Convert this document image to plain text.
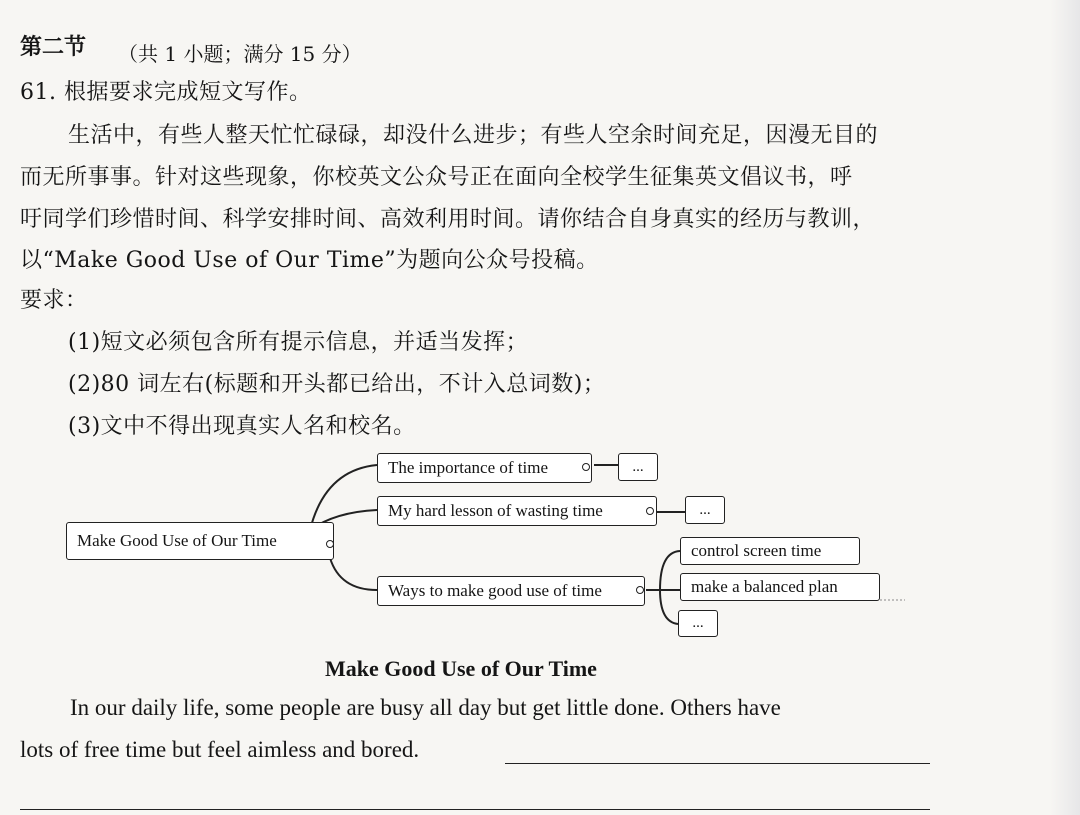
第二节 （共 1 小题；满分 15 分）
61. 根据要求完成短文写作。
生活中，有些人整天忙忙碌碌，却没什么进步；有些人空余时间充足，因漫无目的
而无所事事。针对这些现象，你校英文公众号正在面向全校学生征集英文倡议书，呼
吁同学们珍惜时间、科学安排时间、高效利用时间。请你结合自身真实的经历与教训，
以“Make Good Use of Our Time”为题向公众号投稿。
要求：
(1)短文必须包含所有提示信息，并适当发挥；
(2)80 词左右(标题和开头都已给出，不计入总词数)；
(3)文中不得出现真实人名和校名。
Make Good Use of Our Time
The importance of time	...
My hard lesson of wasting time	...
Ways to make good use of time
control screen time
make a balanced plan
...
Make Good Use of Our Time
In our daily life, some people are busy all day but get little done. Others have
lots of free time but feel aimless and bored.
